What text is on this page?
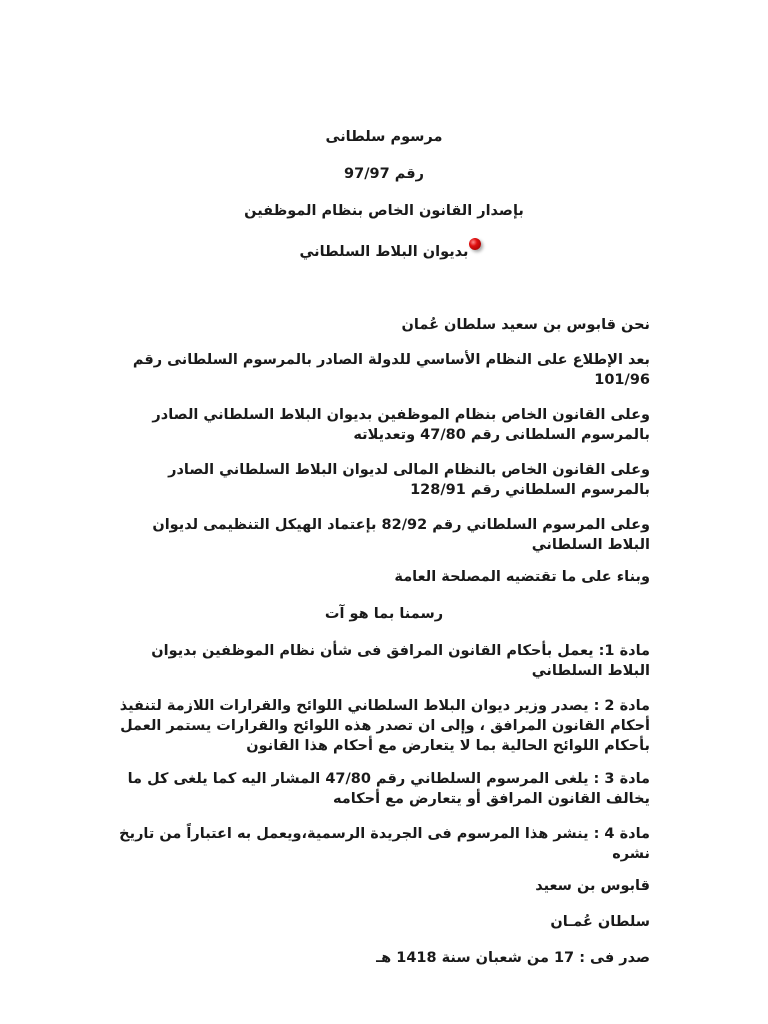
مرسوم سلطانى
رقم 97/97
بإصدار القانون الخاص بنظام الموظفين
بديوان البلاط السلطاني
نحن قابوس بن سعيد سلطان عُمان
بعد الإطلاع على النظام الأساسي للدولة الصادر بالمرسوم السلطانى رقم 101/96
وعلى القانون الخاص بنظام الموظفين بديوان البلاط السلطاني الصادر بالمرسوم السلطانى رقم 47/80 وتعديلاته
وعلى القانون الخاص بالنظام المالى لديوان البلاط السلطاني الصادر بالمرسوم السلطاني رقم 128/91
وعلى المرسوم السلطاني رقم 82/92 بإعتماد الهيكل التنظيمى لديوان البلاط السلطاني
وبناء على ما تقتضيه المصلحة العامة
رسمنا بما هو آت
مادة 1: يعمل بأحكام القانون المرافق فى شأن نظام الموظفين بديوان البلاط السلطاني
مادة 2 : يصدر وزير ديوان البلاط السلطاني اللوائح والقرارات اللازمة لتنفيذ أحكام القانون المرافق ، وإلى ان تصدر هذه اللوائح والقرارات يستمر العمل بأحكام اللوائح الحالية بما لا يتعارض مع أحكام هذا القانون
مادة 3 : يلغى المرسوم السلطاني رقم 47/80 المشار اليه كما يلغى كل ما يخالف القانون المرافق أو يتعارض مع أحكامه
مادة 4 : ينشر هذا المرسوم فى الجريدة الرسمية،ويعمل به اعتباراً من تاريخ نشره
قابوس بن سعيد
سلطان عُمـان
صدر فى : 17 من شعبان سنة 1418 هـ
